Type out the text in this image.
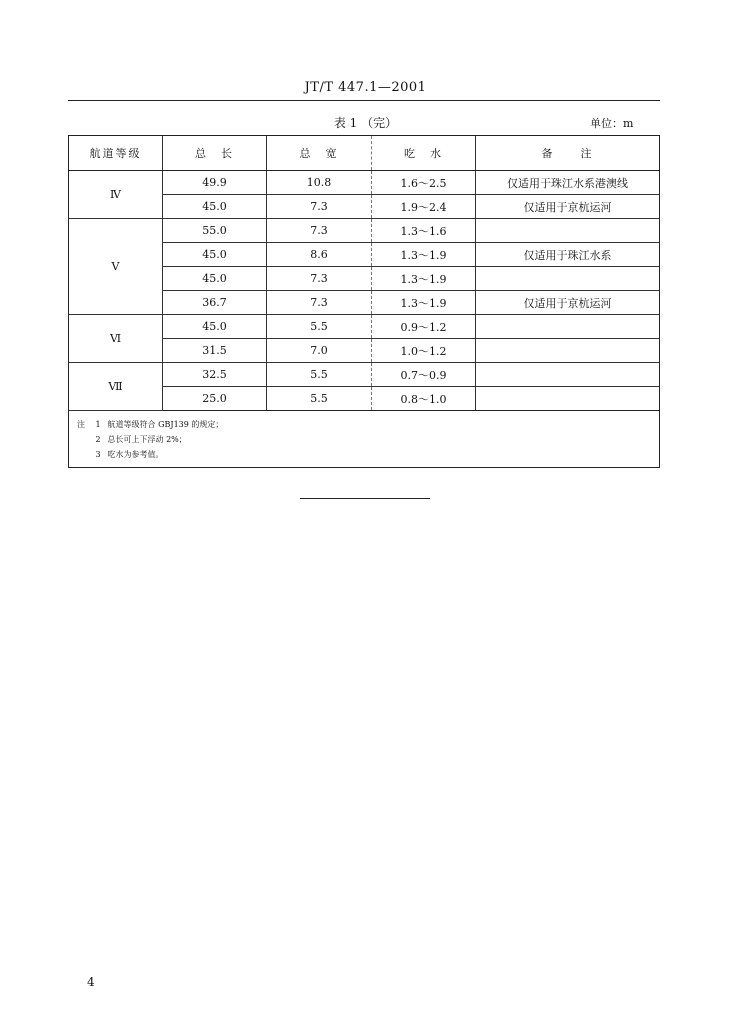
JT/T 447.1—2001
表 1 （完）	单位：m
航道等级	总　长	总　宽	吃　水	备　　注
Ⅳ	49.9	10.8	1.6～2.5	仅适用于珠江水系港澳线
	45.0	7.3	1.9～2.4	仅适用于京杭运河
Ⅴ	55.0	7.3	1.3～1.6	
	45.0	8.6	1.3～1.9	仅适用于珠江水系
	45.0	7.3	1.3～1.9	
	36.7	7.3	1.3～1.9	仅适用于京杭运河
Ⅵ	45.0	5.5	0.9～1.2	
	31.5	7.0	1.0～1.2	
Ⅶ	32.5	5.5	0.7～0.9	
	25.0	5.5	0.8～1.0	
注 1 航道等级符合 GBJ139 的规定；
2 总长可上下浮动 2%；
3 吃水为参考值。
4
